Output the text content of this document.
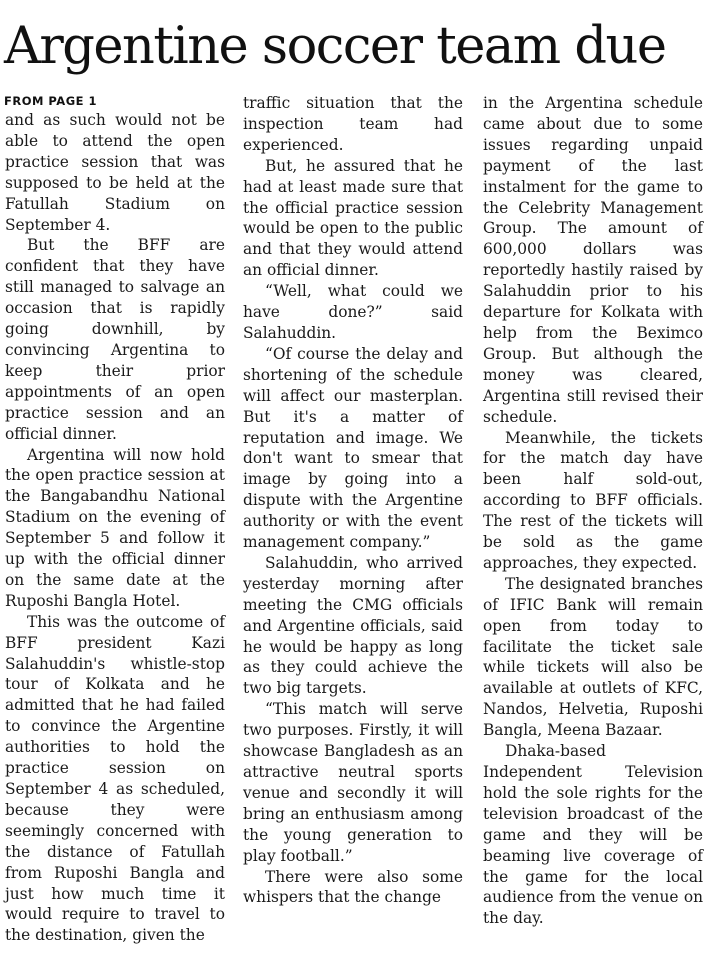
Argentine soccer team due
FROM PAGE 1

and as such would not be able to attend the open practice session that was supposed to be held at the Fatullah Stadium on September 4.

But the BFF are confident that they have still managed to salvage an occasion that is rapidly going downhill, by convincing Argentina to keep their prior appointments of an open practice session and an official dinner.

Argentina will now hold the open practice session at the Bangabandhu National Stadium on the evening of September 5 and follow it up with the official dinner on the same date at the Ruposhi Bangla Hotel.

This was the outcome of BFF president Kazi Salahuddin's whistle-stop tour of Kolkata and he admitted that he had failed to convince the Argentine authorities to hold the practice session on September 4 as scheduled, because they were seemingly concerned with the distance of Fatullah from Ruposhi Bangla and just how much time it would require to travel to the destination, given the

traffic situation that the inspection team had experienced.

But, he assured that he had at least made sure that the official practice session would be open to the public and that they would attend an official dinner.

“Well, what could we have done?” said Salahuddin.

“Of course the delay and shortening of the schedule will affect our masterplan. But it's a matter of reputation and image. We don't want to smear that image by going into a dispute with the Argentine authority or with the event management company.”

Salahuddin, who arrived yesterday morning after meeting the CMG officials and Argentine officials, said he would be happy as long as they could achieve the two big targets.

“This match will serve two purposes. Firstly, it will showcase Bangladesh as an attractive neutral sports venue and secondly it will bring an enthusiasm among the young generation to play football.”

There were also some whispers that the change

in the Argentina schedule came about due to some issues regarding unpaid payment of the last instalment for the game to the Celebrity Management Group. The amount of 600,000 dollars was reportedly hastily raised by Salahuddin prior to his departure for Kolkata with help from the Beximco Group. But although the money was cleared, Argentina still revised their schedule.

Meanwhile, the tickets for the match day have been half sold-out, according to BFF officials. The rest of the tickets will be sold as the game approaches, they expected.

The designated branches of IFIC Bank will remain open from today to facilitate the ticket sale while tickets will also be available at outlets of KFC, Nandos, Helvetia, Ruposhi Bangla, Meena Bazaar.

Dhaka-based Independent Television hold the sole rights for the television broadcast of the game and they will be beaming live coverage of the game for the local audience from the venue on the day.
